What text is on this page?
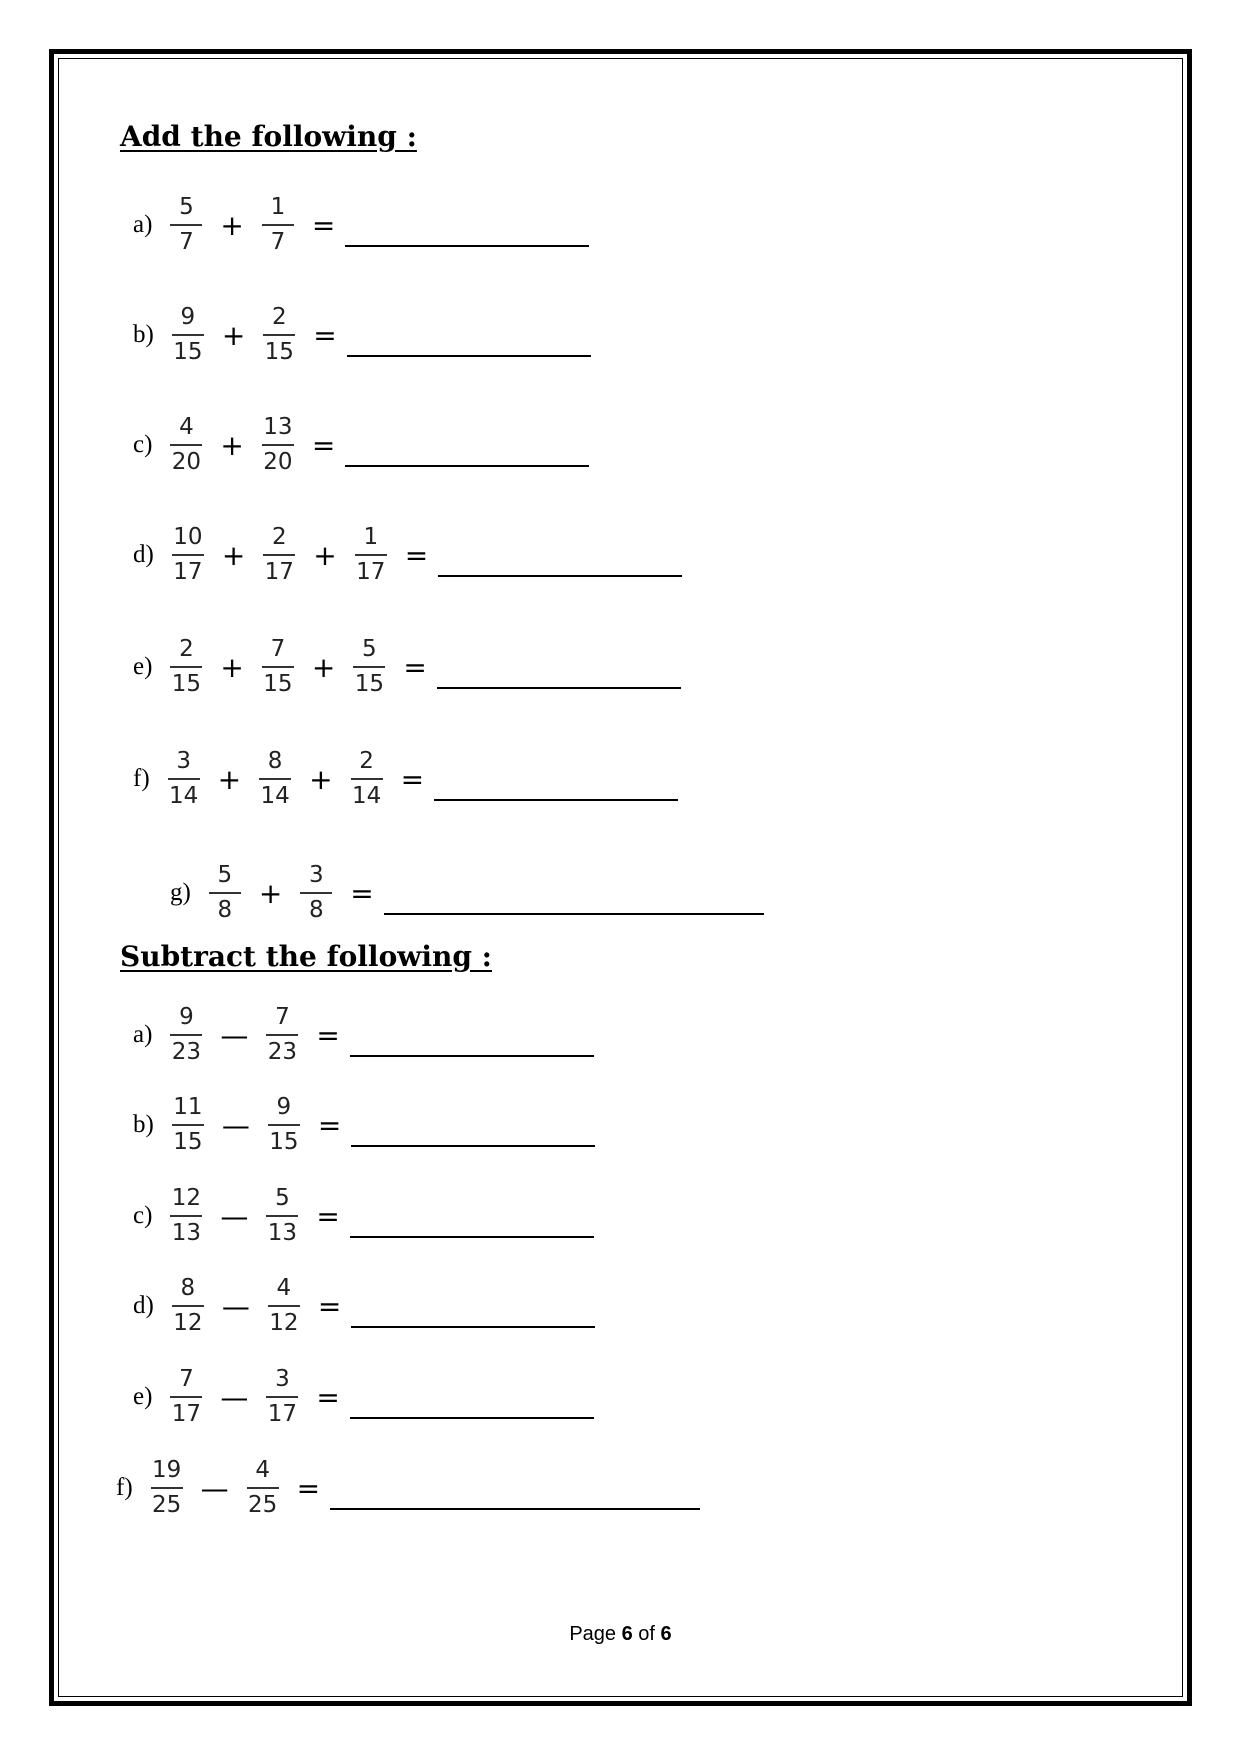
Add the following :
$a) \frac{5}{7} + \frac{1}{7}$ =
$b) \frac{9}{15} + \frac{2}{15}$ =
$c) \frac{4}{20} + \frac{13}{20}$ =
$d) \frac{10}{17} + \frac{2}{17} + \frac{1}{17}$ =
$e) \frac{2}{15} + \frac{7}{15} + \frac{5}{15}$ =
$f) \frac{3}{14} + \frac{8}{14} + \frac{2}{14}$ =
$g) \frac{5}{8} + \frac{3}{8}$ =
Subtract the following :
$a) \frac{9}{23}$ — $\frac{7}{23}$ =
$b) \frac{11}{15}$ — $\frac{9}{15}$ =
$c) \frac{12}{13}$ — $\frac{5}{13}$ =
$d) \frac{8}{12}$ — $\frac{4}{12}$ =
$e) \frac{7}{17}$ — $\frac{3}{17}$ =
$f) \frac{19}{25}$ — $\frac{4}{25}$ =
Page 6 of 6
